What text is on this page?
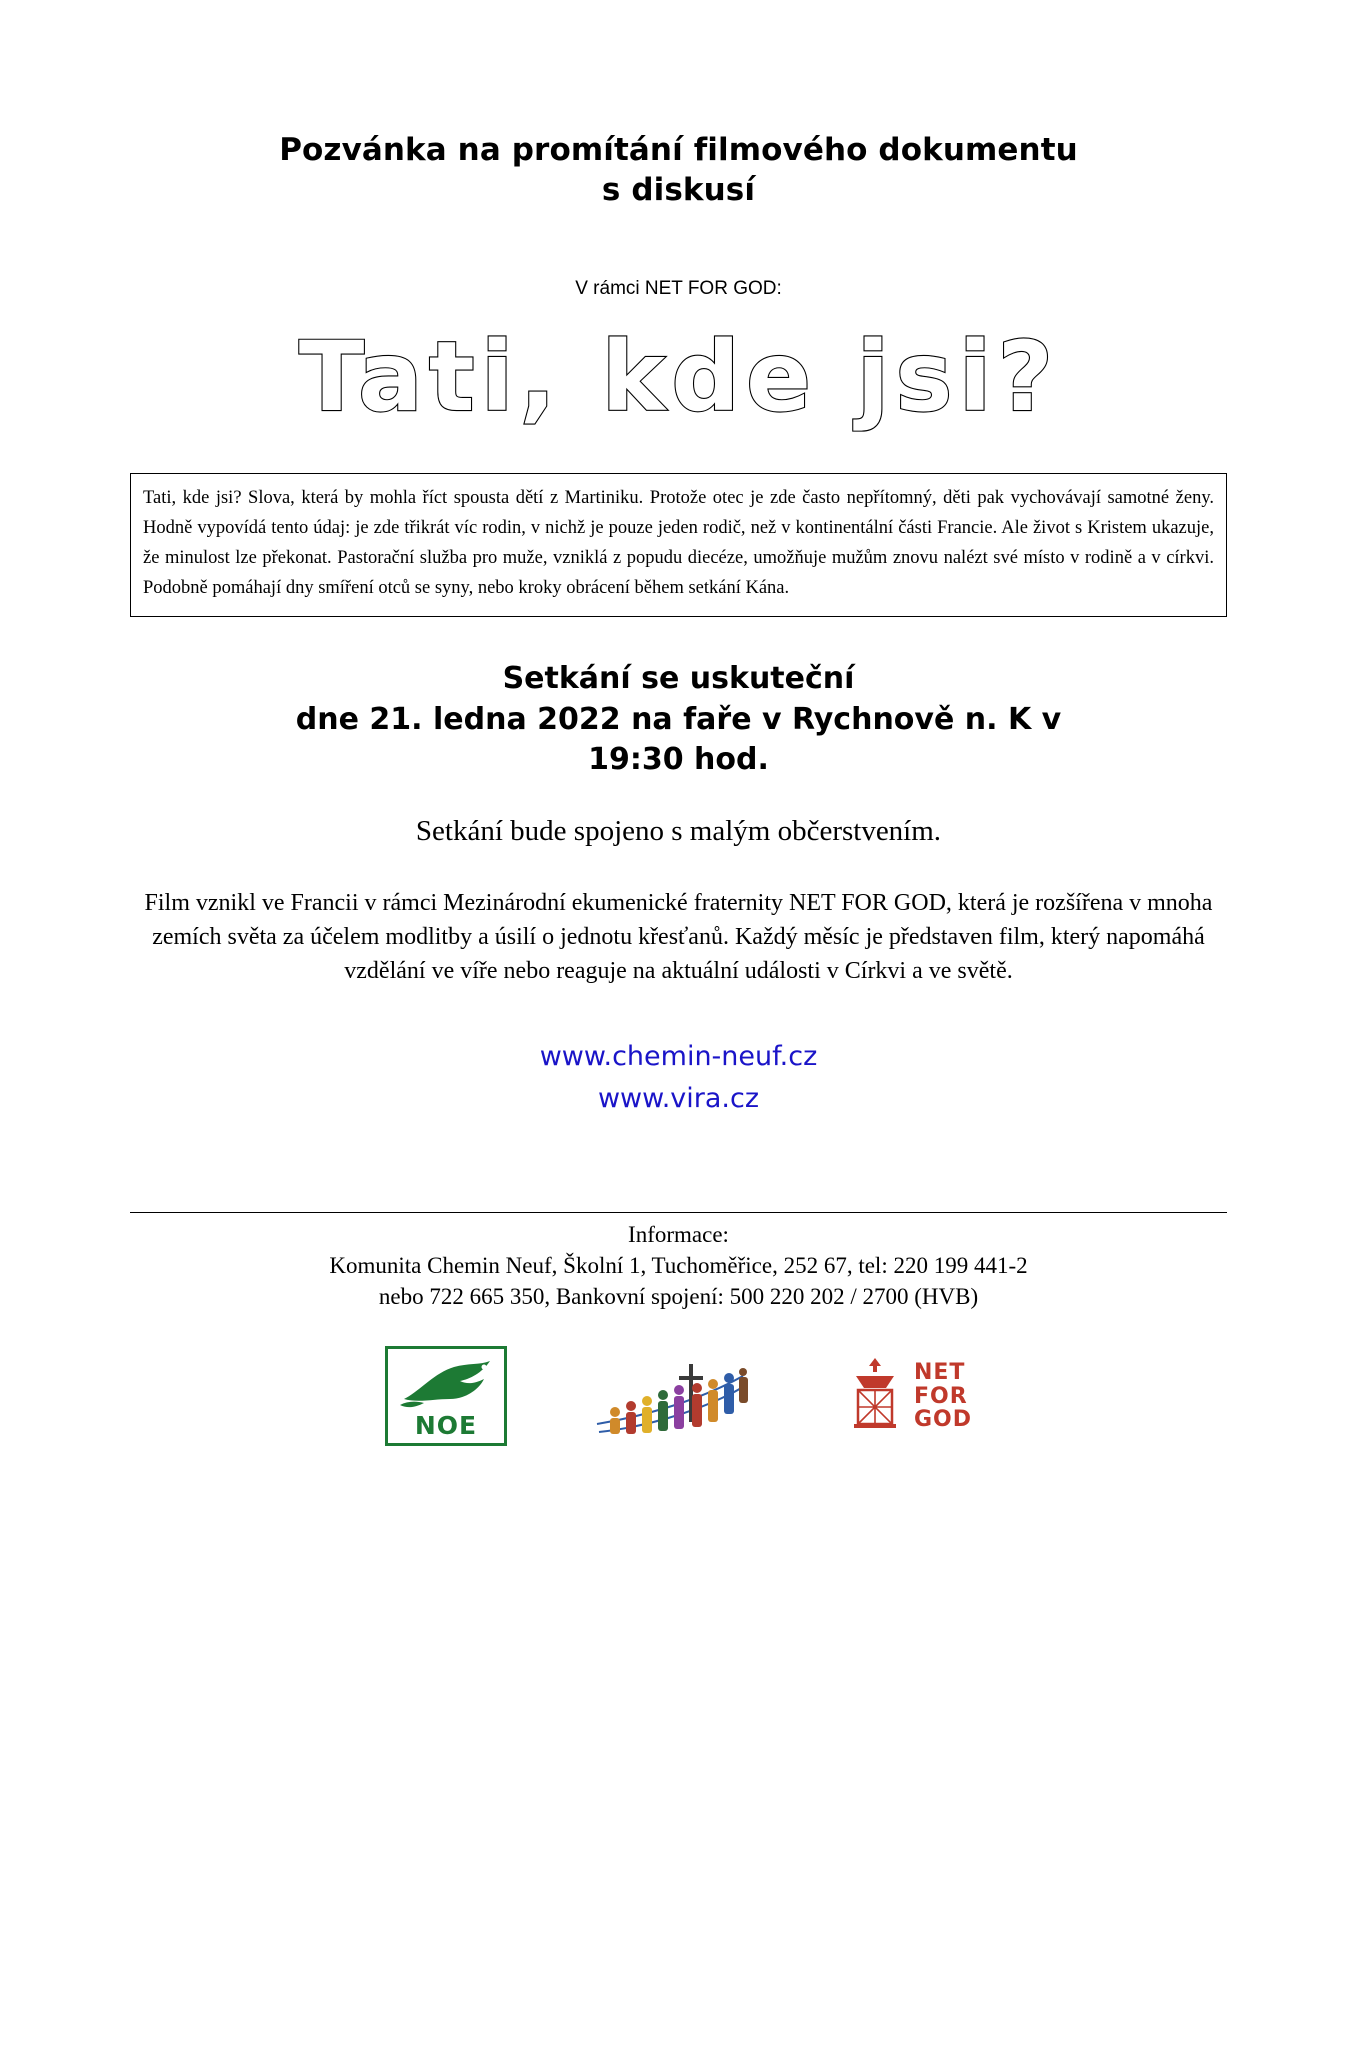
Pozvánka na promítání filmového dokumentu
s diskusí
V rámci NET FOR GOD:
Tati, kde jsi?
Tati, kde jsi? Slova, která by mohla říct spousta dětí z Martiniku. Protože otec je zde často nepřítomný, děti pak vychovávají samotné ženy. Hodně vypovídá tento údaj: je zde třikrát víc rodin, v nichž je pouze jeden rodič, než v kontinentální části Francie. Ale život s Kristem ukazuje, že minulost lze překonat. Pastorační služba pro muže, vzniklá z popudu diecéze, umožňuje mužům znovu nalézt své místo v rodině a v církvi. Podobně pomáhají dny smíření otců se syny, nebo kroky obrácení během setkání Kána.
Setkání se uskuteční
dne 21. ledna 2022 na faře v Rychnově n. K v
19:30 hod.
Setkání bude spojeno s malým občerstvením.
Film vznikl ve Francii v rámci Mezinárodní ekumenické fraternity NET FOR GOD, která je rozšířena v mnoha zemích světa za účelem modlitby a úsilí o jednotu křesťanů. Každý měsíc je představen film, který napomáhá vzdělání ve víře nebo reaguje na aktuální události v Církvi a ve světě.
www.chemin-neuf.cz
www.vira.cz
Informace:
Komunita Chemin Neuf, Školní 1, Tuchoměřice, 252 67, tel: 220 199 441-2
nebo 722 665 350, Bankovní spojení: 500 220 202 / 2700 (HVB)
NOE
NET
FOR
GOD
